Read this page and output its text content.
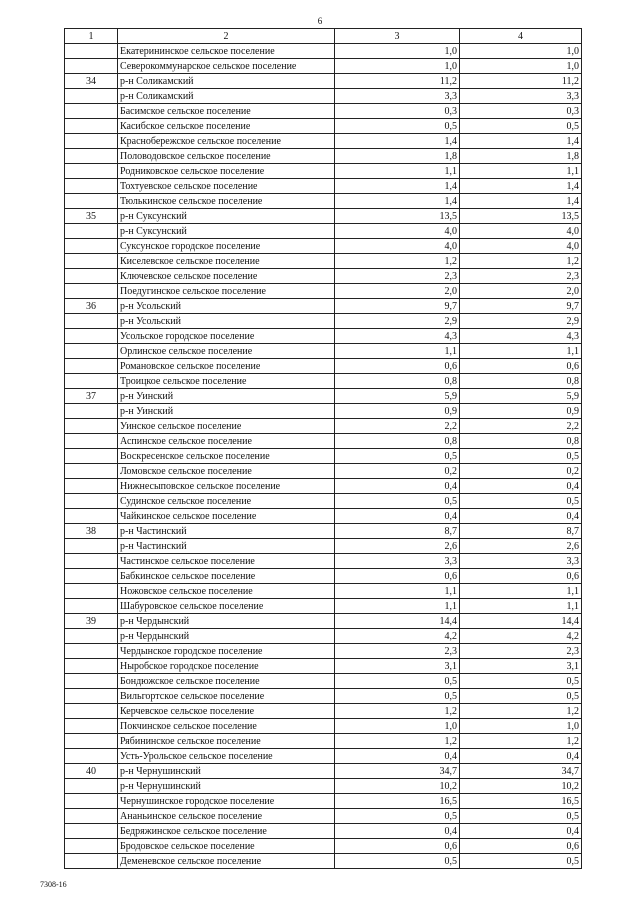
6
1	2	3	4
	Екатерининское сельское поселение	1,0	1,0
	Северокоммунарское сельское поселение	1,0	1,0
34	р-н Соликамский	11,2	11,2
	р-н Соликамский	3,3	3,3
	Басимское сельское поселение	0,3	0,3
	Касибское сельское поселение	0,5	0,5
	Краснобережское сельское поселение	1,4	1,4
	Половодовское сельское поселение	1,8	1,8
	Родниковское сельское поселение	1,1	1,1
	Тохтуевское сельское поселение	1,4	1,4
	Тюлькинское сельское поселение	1,4	1,4
35	р-н Суксунский	13,5	13,5
	р-н Суксунский	4,0	4,0
	Суксунское городское поселение	4,0	4,0
	Киселевское сельское поселение	1,2	1,2
	Ключевское сельское поселение	2,3	2,3
	Поедугинское сельское поселение	2,0	2,0
36	р-н Усольский	9,7	9,7
	р-н Усольский	2,9	2,9
	Усольское городское поселение	4,3	4,3
	Орлинское сельское поселение	1,1	1,1
	Романовское сельское поселение	0,6	0,6
	Троицкое сельское поселение	0,8	0,8
37	р-н Уинский	5,9	5,9
	р-н Уинский	0,9	0,9
	Уинское сельское поселение	2,2	2,2
	Аспинское сельское поселение	0,8	0,8
	Воскресенское сельское поселение	0,5	0,5
	Ломовское сельское поселение	0,2	0,2
	Нижнесыповское сельское поселение	0,4	0,4
	Судинское сельское поселение	0,5	0,5
	Чайкинское сельское поселение	0,4	0,4
38	р-н Частинский	8,7	8,7
	р-н Частинский	2,6	2,6
	Частинское сельское поселение	3,3	3,3
	Бабкинское сельское поселение	0,6	0,6
	Ножовское сельское поселение	1,1	1,1
	Шабуровское сельское поселение	1,1	1,1
39	р-н Чердынский	14,4	14,4
	р-н Чердынский	4,2	4,2
	Чердынское городское поселение	2,3	2,3
	Ныробское городское поселение	3,1	3,1
	Бондюжское сельское поселение	0,5	0,5
	Вильгортское сельское поселение	0,5	0,5
	Керчевское сельское поселение	1,2	1,2
	Покчинское сельское поселение	1,0	1,0
	Рябининское сельское поселение	1,2	1,2
	Усть-Урольское сельское поселение	0,4	0,4
40	р-н Чернушинский	34,7	34,7
	р-н Чернушинский	10,2	10,2
	Чернушинское городское поселение	16,5	16,5
	Ананьинское сельское поселение	0,5	0,5
	Бедряжинское сельское поселение	0,4	0,4
	Бродовское сельское поселение	0,6	0,6
	Деменевское сельское поселение	0,5	0,5
7308-16
